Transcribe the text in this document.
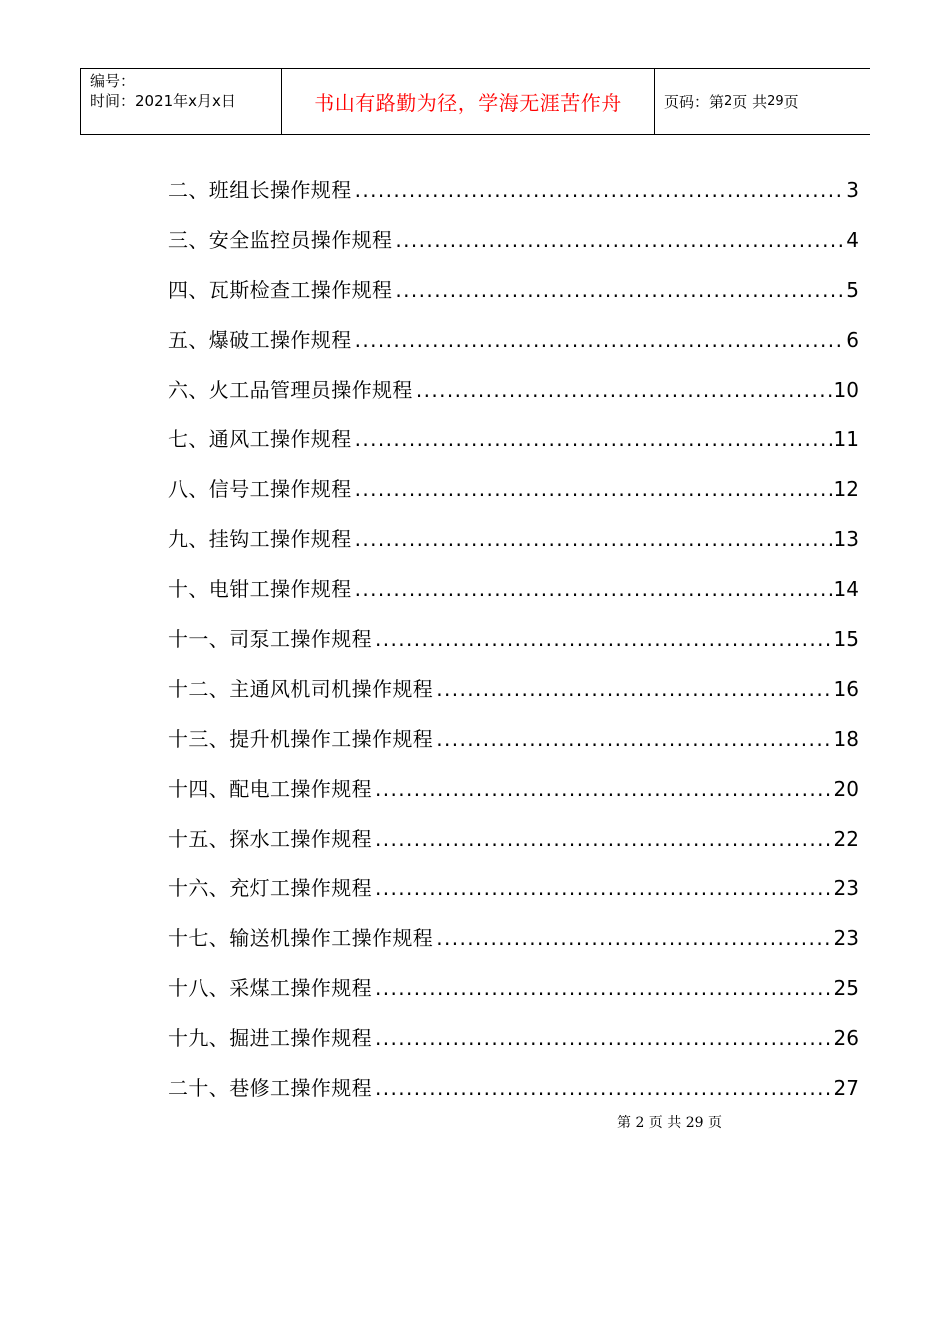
编号：
时间：2021年x月x日	书山有路勤为径，学海无涯苦作舟	页码：第 2 页 共 29 页
二、班组长操作规程 .....	3
三、安全监控员操作规程 .....	4
四、瓦斯检查工操作规程 .....	5
五、爆破工操作规程 .....	6
六、火工品管理员操作规程 .....	10
七、通风工操作规程 .....	11
八、信号工操作规程 .....	12
九、挂钩工操作规程 .....	13
十、电钳工操作规程 .....	14
十一、司泵工操作规程 .....	15
十二、主通风机司机操作规程 .....	16
十三、提升机操作工操作规程 .....	18
十四、配电工操作规程 .....	20
十五、探水工操作规程 .....	22
十六、充灯工操作规程 .....	23
十七、输送机操作工操作规程 .....	23
十八、采煤工操作规程 .....	25
十九、掘进工操作规程 .....	26
二十、巷修工操作规程 .....	27
第 2 页 共 29 页
